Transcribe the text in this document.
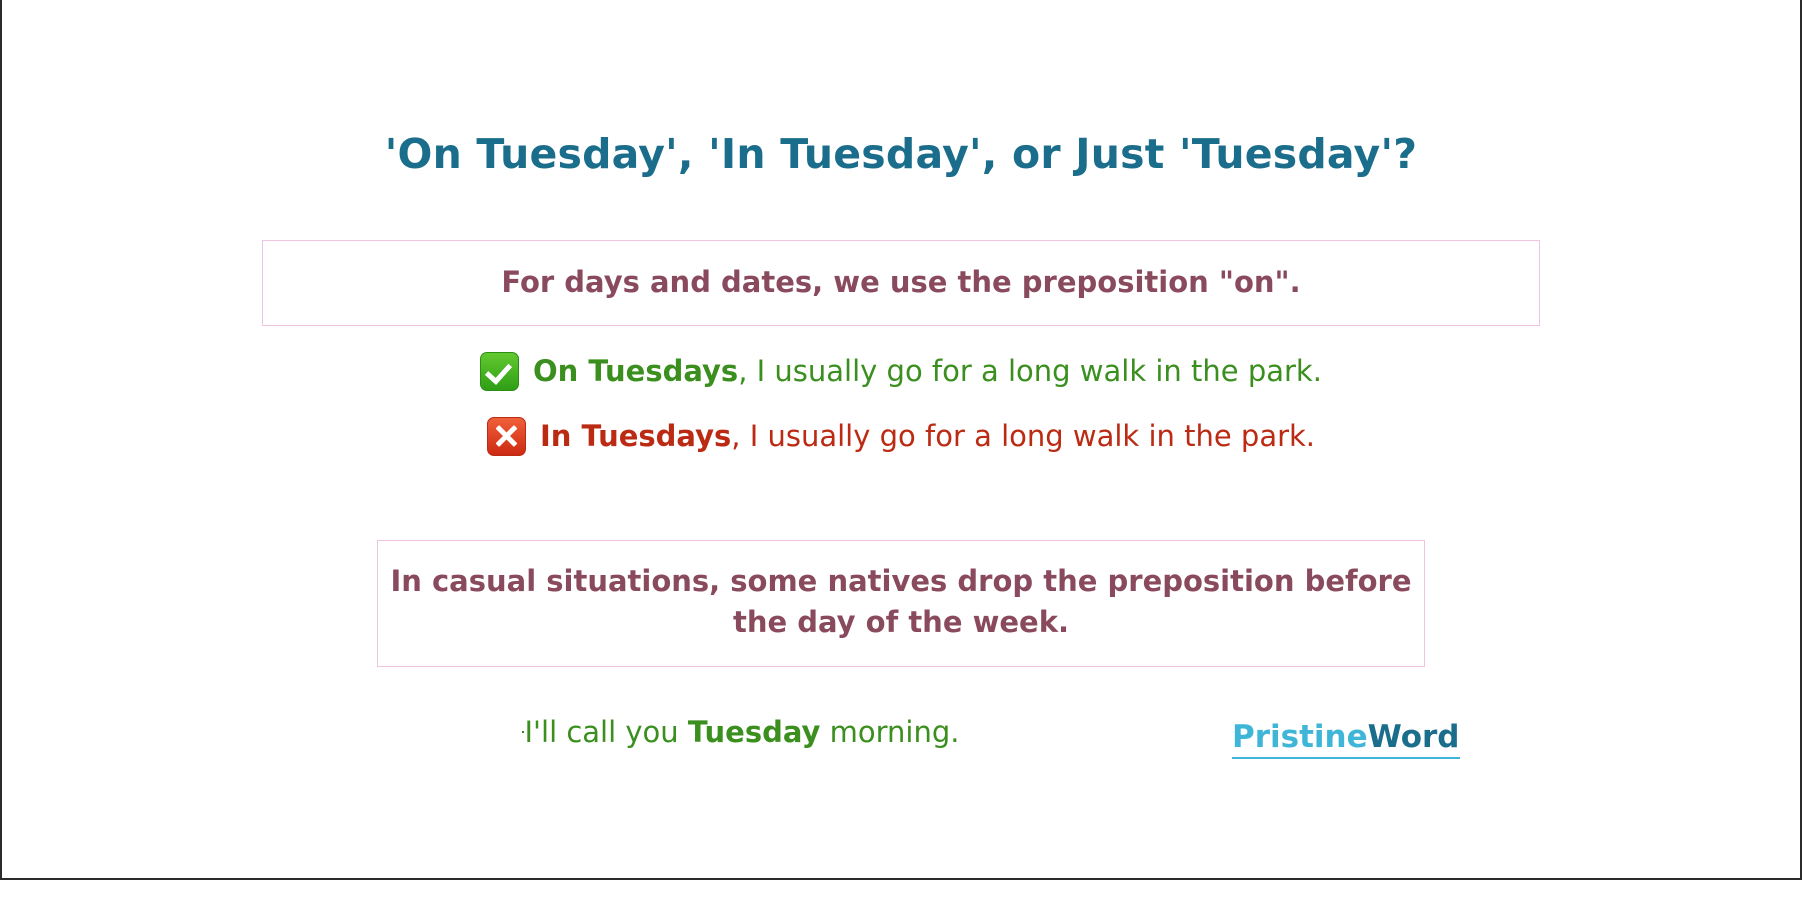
'On Tuesday', 'In Tuesday', or Just 'Tuesday'?
For days and dates, we use the preposition "on".
On Tuesdays, I usually go for a long walk in the park.
In Tuesdays, I usually go for a long walk in the park.
In casual situations, some natives drop the preposition before the day of the week.
I'll call you Tuesday morning.	PristineWord
